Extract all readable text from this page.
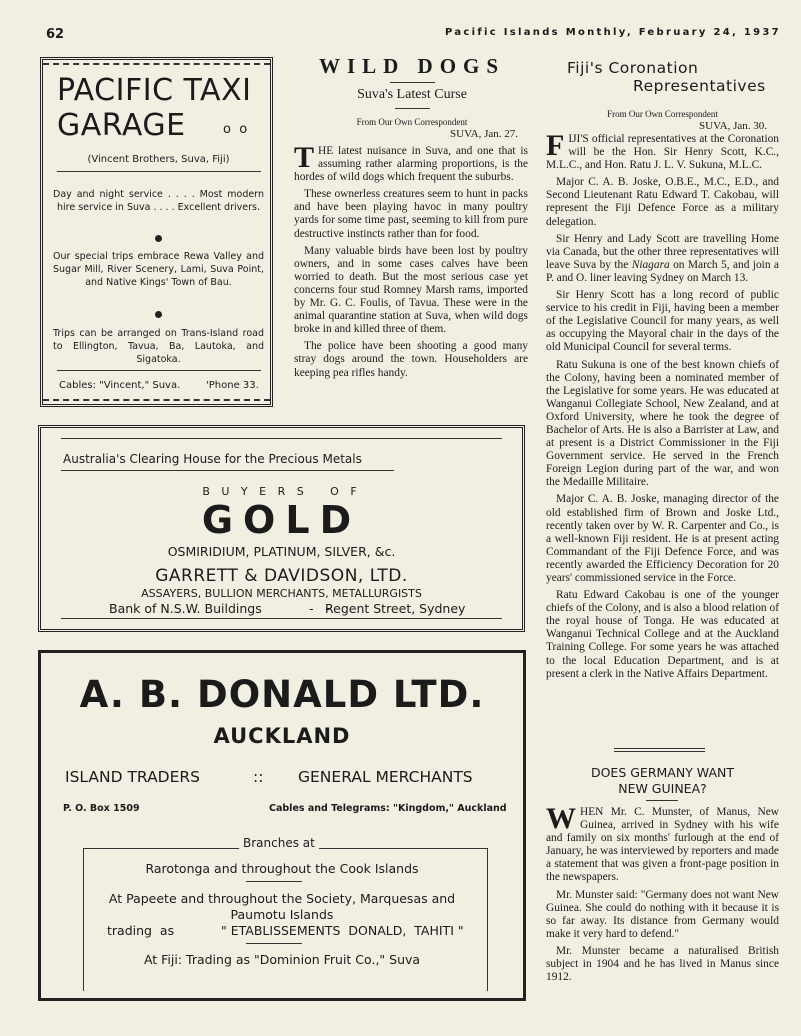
62	Pacific Islands Monthly, February 24, 1937
PACIFIC TAXI
GARAGE	o  o
(Vincent Brothers, Suva, Fiji)
Day and night service . . . . Most modern hire service in Suva . . . . Excellent drivers.
Our special trips embrace Rewa Valley and Sugar Mill, River Scenery, Lami, Suva Point, and Native Kings' Town of Bau.
Trips can be arranged on Trans-Island road to Ellington, Tavua, Ba, Lautoka, and Sigatoka.
Cables: "Vincent," Suva.	'Phone 33.
WILD DOGS
Suva's Latest Curse
From Our Own Correspondent
SUVA, Jan. 27.

THE latest nuisance in Suva, and one that is assuming rather alarming proportions, is the hordes of wild dogs which frequent the suburbs.

These ownerless creatures seem to hunt in packs and have been playing havoc in many poultry yards for some time past, seeming to kill from pure destructive instincts rather than for food.

Many valuable birds have been lost by poultry owners, and in some cases calves have been worried to death. But the most serious case yet concerns four stud Romney Marsh rams, imported by Mr. G. C. Foulis, of Tavua. These were in the animal quarantine station at Suva, when wild dogs broke in and killed three of them.

The police have been shooting a good many stray dogs around the town. Householders are keeping pea rifles handy.

Australia's Clearing House for the Precious Metals
B U Y E R S   O F
GOLD
OSMIRIDIUM, PLATINUM, SILVER, &c.
GARRETT & DAVIDSON, LTD.
ASSAYERS, BULLION MERCHANTS, METALLURGISTS
Bank of N.S.W. Buildings	-   -
Regent Street, Sydney
A. B. DONALD LTD.
AUCKLAND
ISLAND TRADERS	:: GENERAL MERCHANTS
P. O. Box 1509	Cables and Telegrams: "Kingdom," Auckland
Branches at
Rarotonga and throughout the Cook Islands
At Papeete and throughout the Society, Marquesas and
Paumotu Islands
trading  as	" ETABLISSEMENTS  DONALD,  TAHITI "
At Fiji: Trading as "Dominion Fruit Co.," Suva
Fiji's Coronation
Representatives
From Our Own Correspondent
SUVA, Jan. 30.

FIJI'S official representatives at the Coronation will be the Hon. Sir Henry Scott, K.C., M.L.C., and Hon. Ratu J. L. V. Sukuna, M.L.C.

Major C. A. B. Joske, O.B.E., M.C., E.D., and Second Lieutenant Ratu Edward T. Cakobau, will represent the Fiji Defence Force as a military delegation.

Sir Henry and Lady Scott are travelling Home via Canada, but the other three representatives will leave Suva by the Niagara on March 5, and join a P. and O. liner leaving Sydney on March 13.

Sir Henry Scott has a long record of public service to his credit in Fiji, having been a member of the Legislative Council for many years, as well as occupying the Mayoral chair in the days of the old Municipal Council for several terms.

Ratu Sukuna is one of the best known chiefs of the Colony, having been a nominated member of the Legislative for some years. He was educated at Wanganui Collegiate School, New Zealand, and at Oxford University, where he took the degree of Bachelor of Arts. He is also a Barrister at Law, and at present is a District Commissioner in the Fiji Government service. He served in the French Foreign Legion during part of the war, and won the Medaille Militaire.

Major C. A. B. Joske, managing director of the old established firm of Brown and Joske Ltd., recently taken over by W. R. Carpenter and Co., is a well-known Fiji resident. He is at present acting Commandant of the Fiji Defence Force, and was recently awarded the Efficiency Decoration for 20 years' commissioned service in the Force.

Ratu Edward Cakobau is one of the younger chiefs of the Colony, and is also a blood relation of the royal house of Tonga. He was educated at Wanganui Technical College and at the Auckland Training College. For some years he was attached to the local Education Department, and is at present a clerk in the Native Affairs Department.

DOES GERMANY WANT
NEW GUINEA?

WHEN Mr. C. Munster, of Manus, New Guinea, arrived in Sydney with his wife and family on six months' furlough at the end of January, he was interviewed by reporters and made a statement that was given a front-page position in the newspapers.

Mr. Munster said: "Germany does not want New Guinea. She could do nothing with it because it is so far away. Its distance from Germany would make it very hard to defend."

Mr. Munster became a naturalised British subject in 1904 and he has lived in Manus since 1912.
